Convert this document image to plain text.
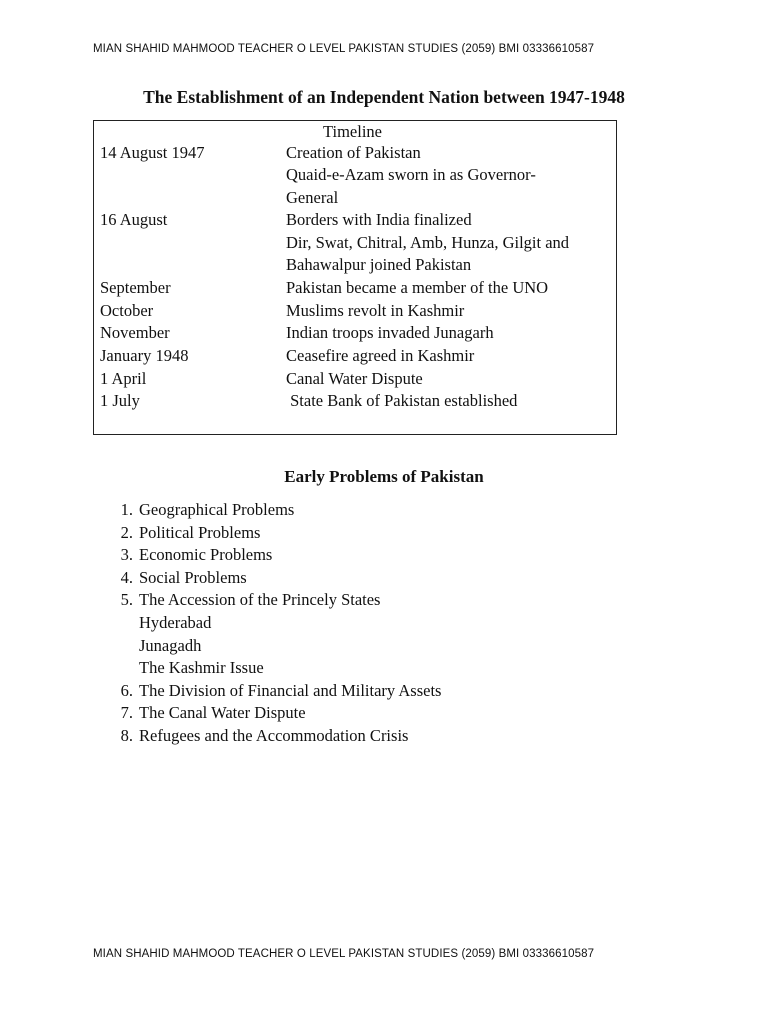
MIAN SHAHID MAHMOOD TEACHER O LEVEL PAKISTAN STUDIES (2059) BMI 03336610587
The Establishment of an Independent Nation between 1947-1948
Timeline
14 August 1947	Creation of Pakistan
Quaid-e-Azam sworn in as Governor-
General
16 August	Borders with India finalized
Dir, Swat, Chitral, Amb, Hunza, Gilgit and
Bahawalpur joined Pakistan
September	Pakistan became a member of the UNO
October	Muslims revolt in Kashmir
November	Indian troops invaded Junagarh
January 1948	Ceasefire agreed in Kashmir
1 April	Canal Water Dispute
1 July	State Bank of Pakistan established
Early Problems of Pakistan
1. Geographical Problems
2. Political Problems
3. Economic Problems
4. Social Problems
5. The Accession of the Princely States
Hyderabad
Junagadh
The Kashmir Issue
6. The Division of Financial and Military Assets
7. The Canal Water Dispute
8. Refugees and the Accommodation Crisis
MIAN SHAHID MAHMOOD TEACHER O LEVEL PAKISTAN STUDIES (2059) BMI 03336610587
